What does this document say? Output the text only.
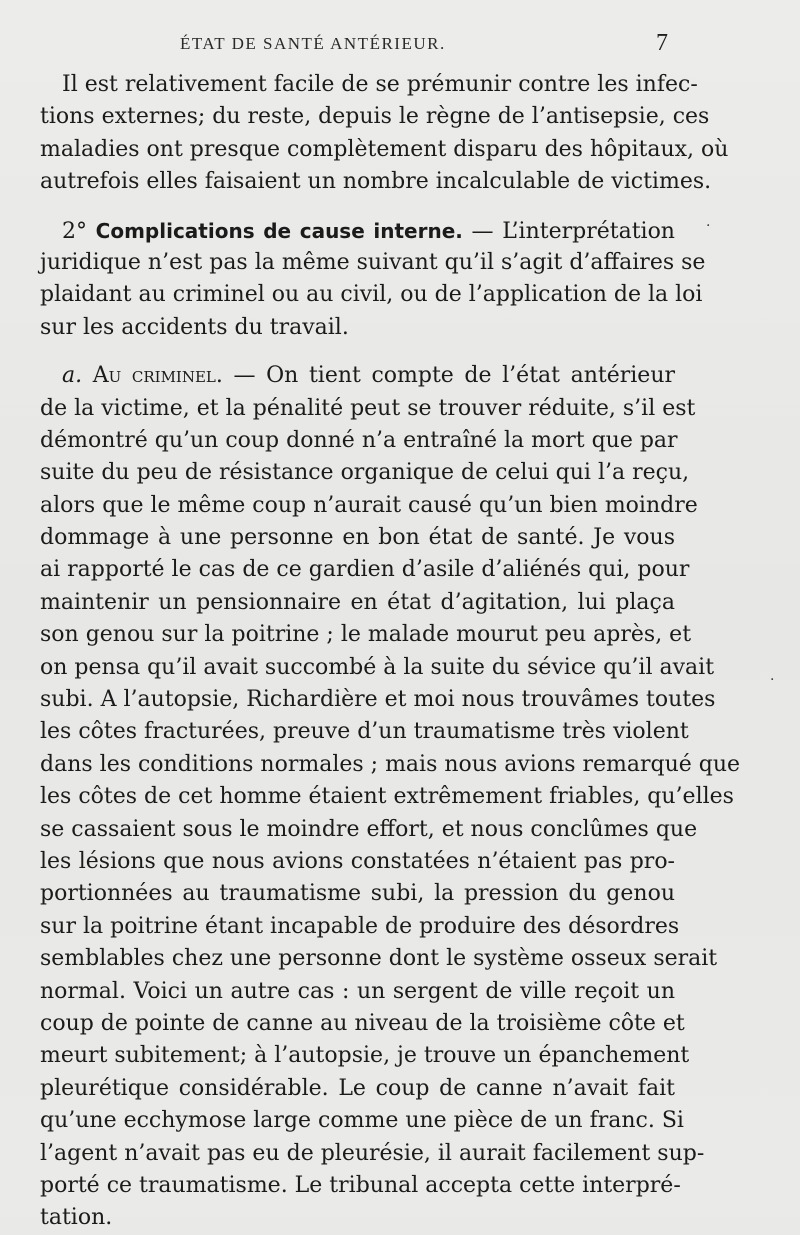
ÉTAT DE SANTÉ ANTÉRIEUR.	7
Il est relativement facile de se prémunir contre les infec-
tions externes; du reste, depuis le règne de l’antisepsie, ces
maladies ont presque complètement disparu des hôpitaux, où
autrefois elles faisaient un nombre incalculable de victimes.
2° Complications de cause interne. — L’interprétation
juridique n’est pas la même suivant qu’il s’agit d’affaires se
plaidant au criminel ou au civil, ou de l’application de la loi
sur les accidents du travail.
a. Au criminel. — On tient compte de l’état antérieur
de la victime, et la pénalité peut se trouver réduite, s’il est
démontré qu’un coup donné n’a entraîné la mort que par
suite du peu de résistance organique de celui qui l’a reçu,
alors que le même coup n’aurait causé qu’un bien moindre
dommage à une personne en bon état de santé. Je vous
ai rapporté le cas de ce gardien d’asile d’aliénés qui, pour
maintenir un pensionnaire en état d’agitation, lui plaça
son genou sur la poitrine ; le malade mourut peu après, et
on pensa qu’il avait succombé à la suite du sévice qu’il avait
subi. A l’autopsie, Richardière et moi nous trouvâmes toutes
les côtes fracturées, preuve d’un traumatisme très violent
dans les conditions normales ; mais nous avions remarqué que
les côtes de cet homme étaient extrêmement friables, qu’elles
se cassaient sous le moindre effort, et nous conclûmes que
les lésions que nous avions constatées n’étaient pas pro-
portionnées au traumatisme subi, la pression du genou
sur la poitrine étant incapable de produire des désordres
semblables chez une personne dont le système osseux serait
normal. Voici un autre cas : un sergent de ville reçoit un
coup de pointe de canne au niveau de la troisième côte et
meurt subitement; à l’autopsie, je trouve un épanchement
pleurétique considérable. Le coup de canne n’avait fait
qu’une ecchymose large comme une pièce de un franc. Si
l’agent n’avait pas eu de pleurésie, il aurait facilement sup-
porté ce traumatisme. Le tribunal accepta cette interpré-
tation.
·
·
